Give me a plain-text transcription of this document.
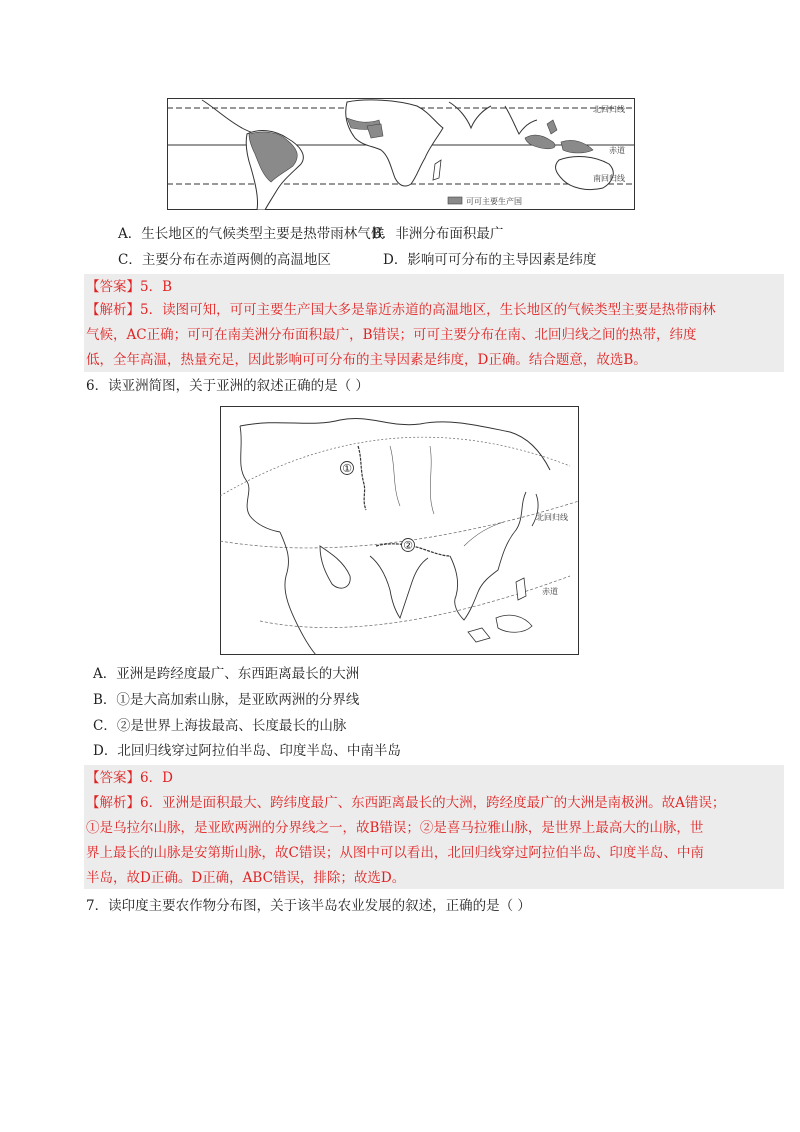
北回归线
赤道
南回归线
可可主要生产国
A．生长地区的气候类型主要是热带雨林气候
B．非洲分布面积最广
C．主要分布在赤道两侧的高温地区	D．影响可可分布的主导因素是纬度
【答案】5．B
【解析】5．读图可知，可可主要生产国大多是靠近赤道的高温地区，生长地区的气候类型主要是热带雨林
气候，AC正确；可可在南美洲分布面积最广，B错误；可可主要分布在南、北回归线之间的热带，纬度
低，全年高温，热量充足，因此影响可可分布的主导因素是纬度，D正确。结合题意，故选B。
6．读亚洲简图，关于亚洲的叙述正确的是（ ）
①
②
北回归线
赤道
A．亚洲是跨经度最广、东西距离最长的大洲
B．①是大高加索山脉，是亚欧两洲的分界线
C．②是世界上海拔最高、长度最长的山脉
D．北回归线穿过阿拉伯半岛、印度半岛、中南半岛
【答案】6．D
【解析】6．亚洲是面积最大、跨纬度最广、东西距离最长的大洲，跨经度最广的大洲是南极洲。故A错误；
①是乌拉尔山脉，是亚欧两洲的分界线之一，故B错误；②是喜马拉雅山脉，是世界上最高大的山脉，世
界上最长的山脉是安第斯山脉，故C错误；从图中可以看出，北回归线穿过阿拉伯半岛、印度半岛、中南
半岛，故D正确。D正确，ABC错误，排除；故选D。
7．读印度主要农作物分布图，关于该半岛农业发展的叙述，正确的是（ ）
